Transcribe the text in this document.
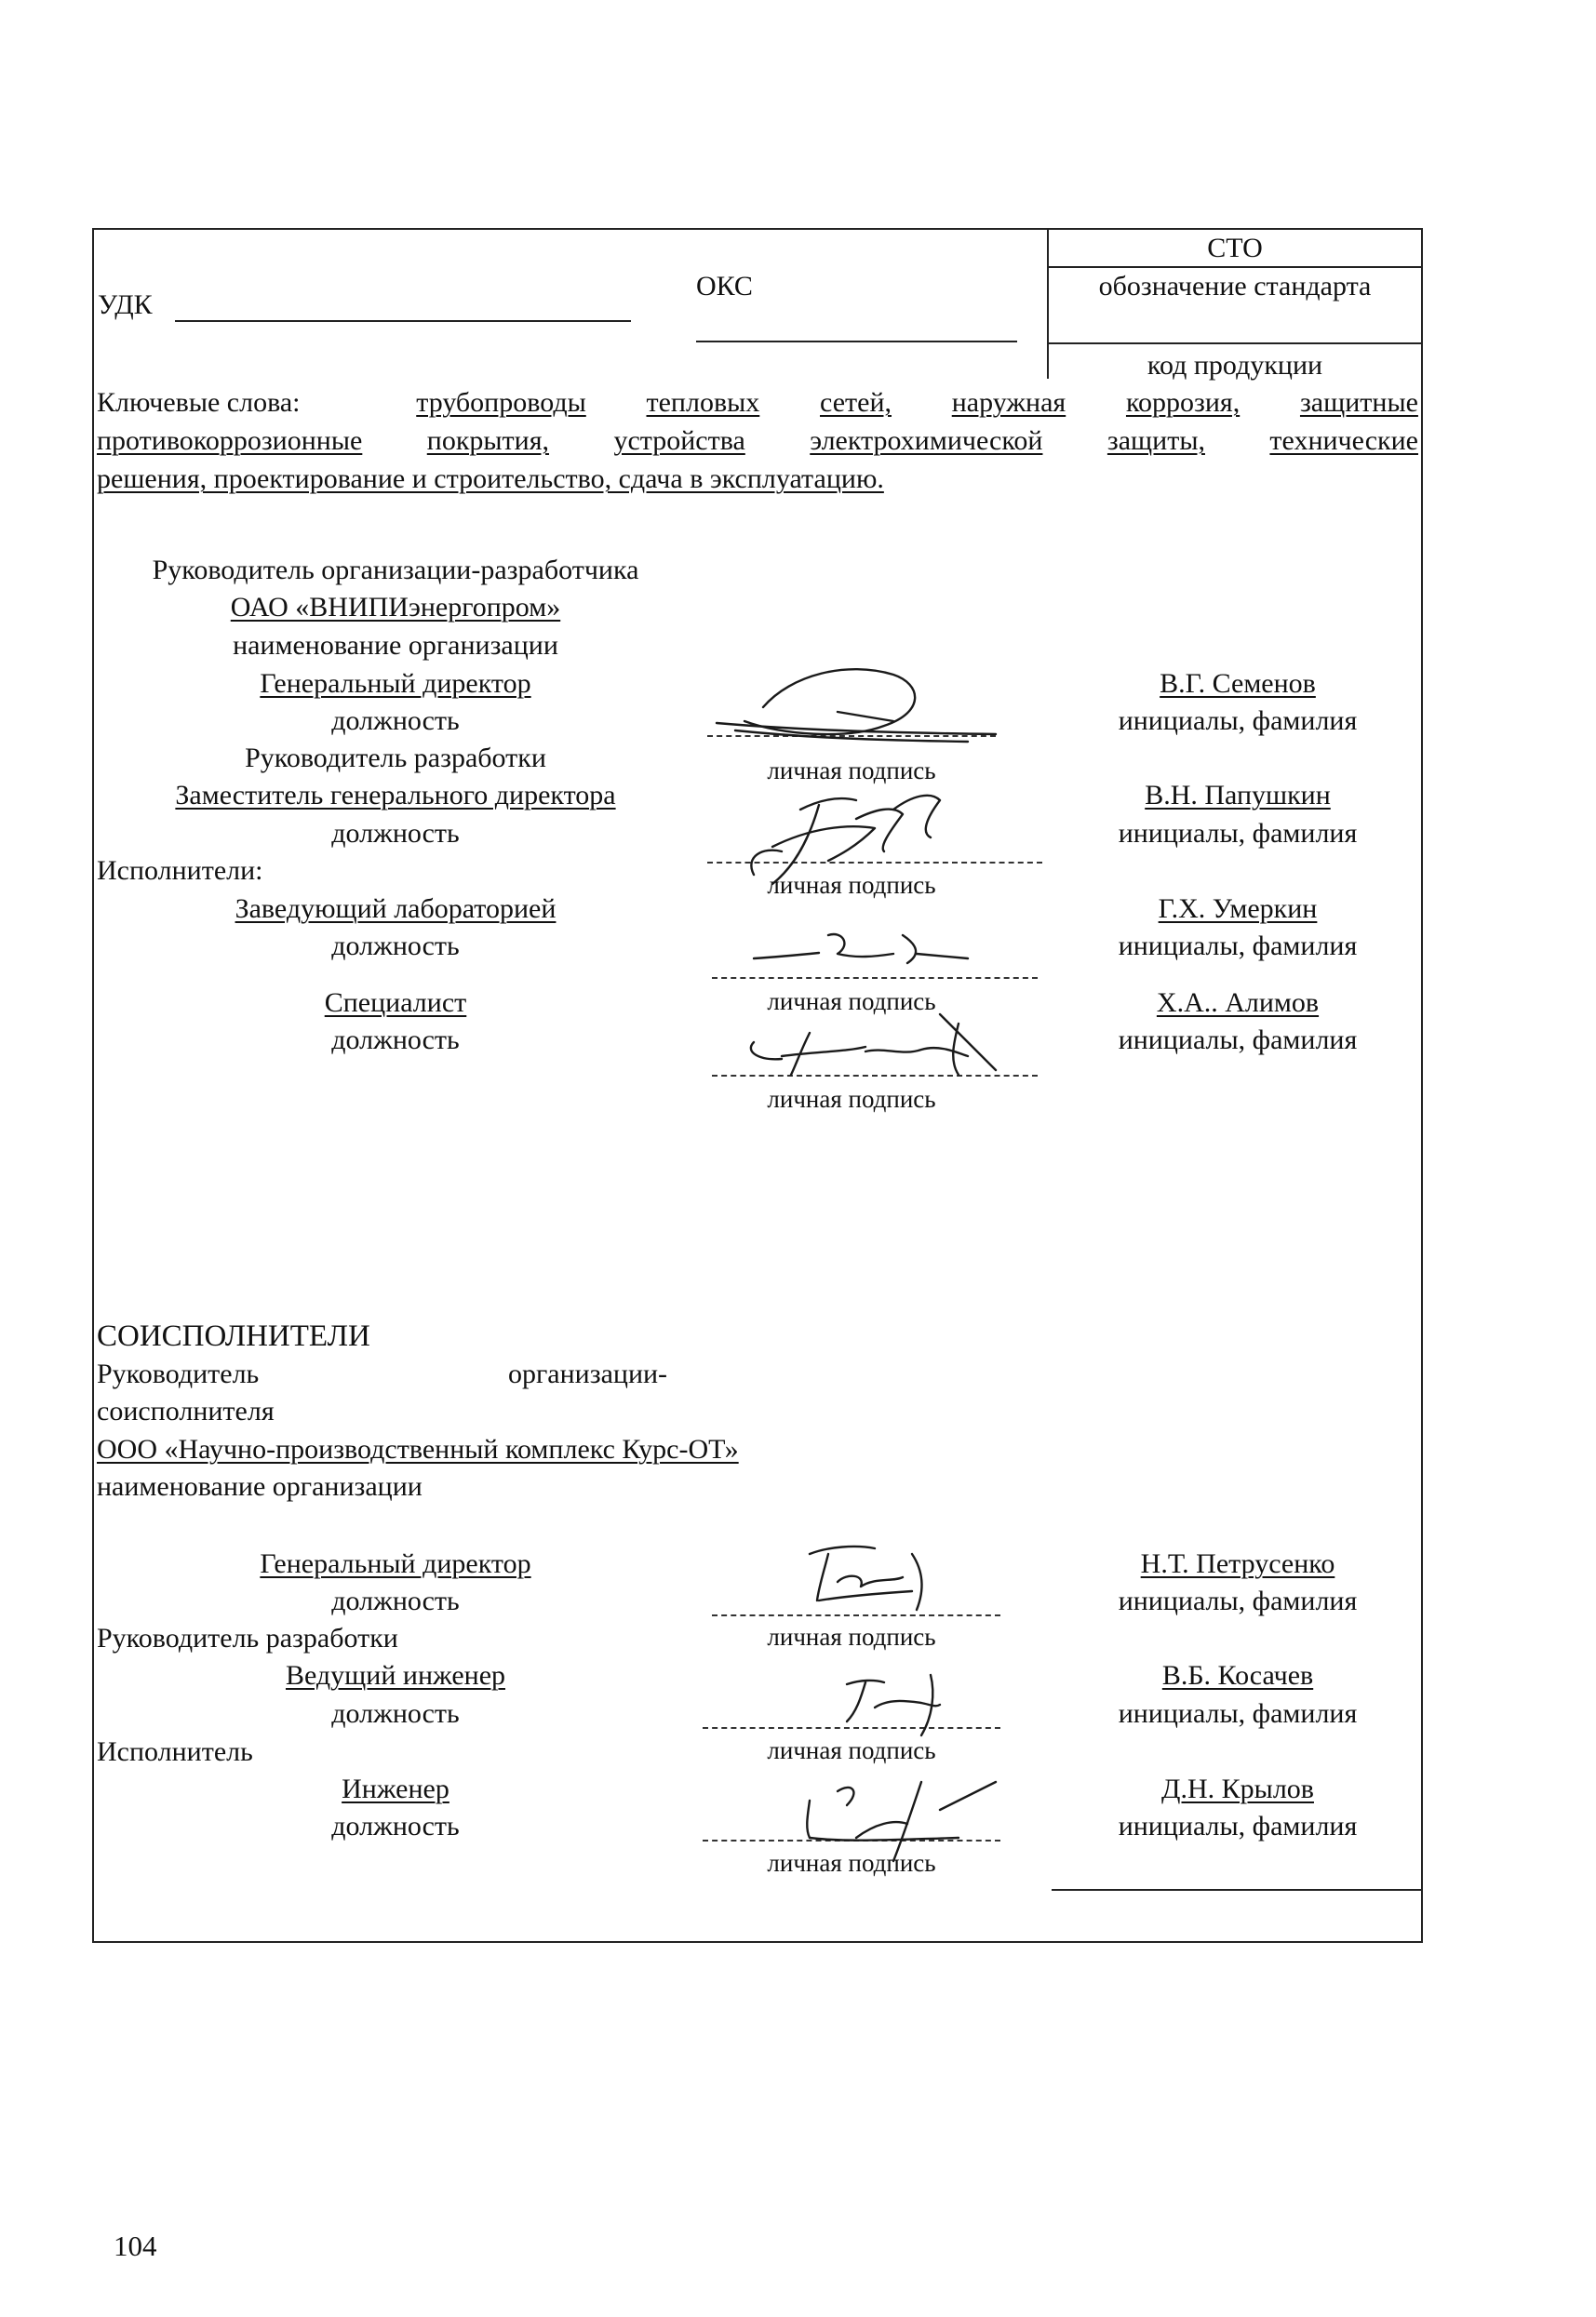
УДК
ОКС
СТО
обозначение стандарта
код продукции
Ключевые слова:	трубопроводы тепловых сетей, наружная коррозия, защитные
противокоррозионные покрытия, устройства электрохимической защиты, технические
решения, проектирование и строительство, сдача в эксплуатацию.
Руководитель организации-разработчика
ОАО «ВНИПИэнергопром»
наименование организации
Генеральный директор
должность
В.Г. Семенов
инициалы, фамилия
личная подпись
Руководитель разработки
Заместитель генерального директора
должность
В.Н. Папушкин
инициалы, фамилия
личная подпись
Исполнители:
Заведующий лабораторией
должность
Г.Х. Умеркин
инициалы, фамилия
личная подпись
Специалист
должность
Х.А.. Алимов
инициалы, фамилия
личная подпись
СОИСПОЛНИТЕЛИ
Руководитель	организации-
соисполнителя
ООО «Научно-производственный комплекс Курс-ОТ»
наименование организации
Генеральный директор
должность
Н.Т. Петрусенко
инициалы, фамилия
личная подпись
Руководитель разработки
Ведущий инженер
должность
В.Б. Косачев
инициалы, фамилия
личная подпись
Исполнитель
Инженер
должность
Д.Н. Крылов
инициалы, фамилия
личная подпись
104
